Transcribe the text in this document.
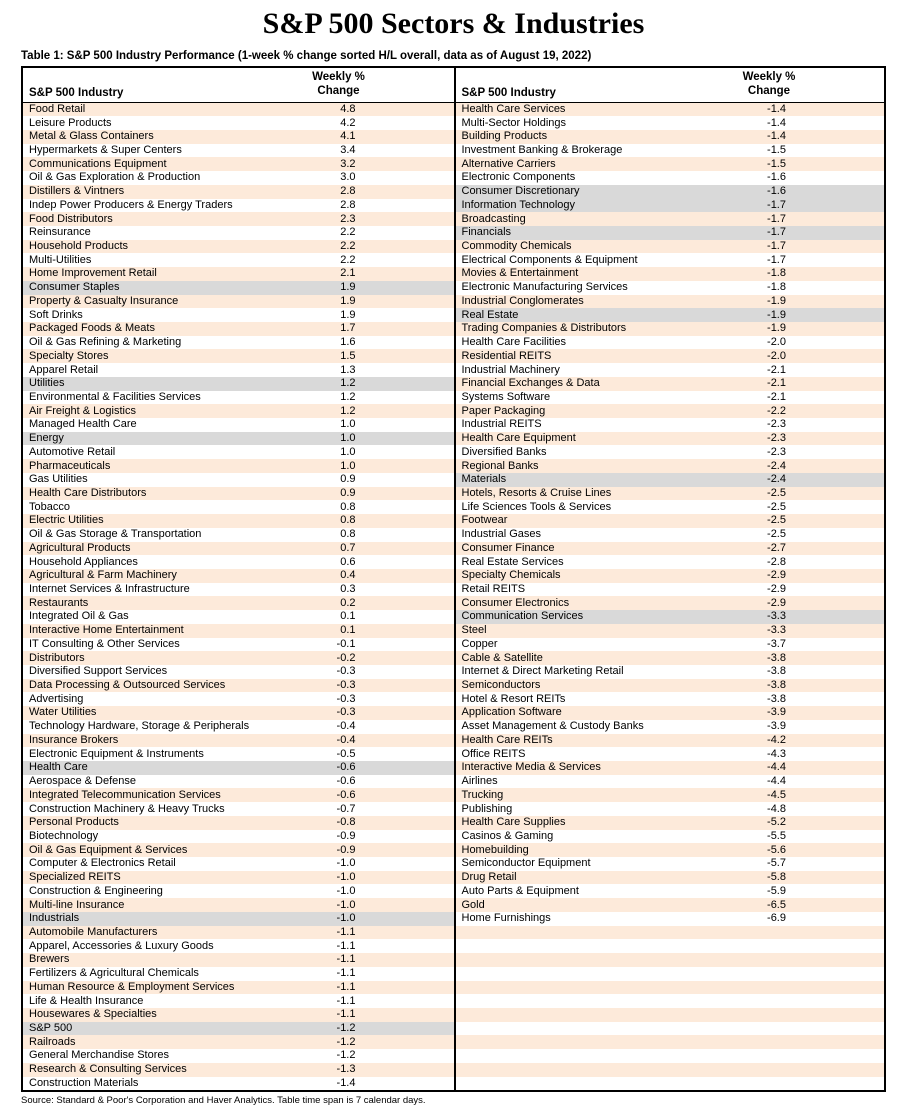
S&P 500 Sectors & Industries
Table 1: S&P 500 Industry Performance (1-week % change sorted H/L overall, data as of August 19, 2022)
S&P 500 Industry
Weekly %
Change
Food Retail	4.8
Leisure Products	4.2
Metal & Glass Containers	4.1
Hypermarkets & Super Centers	3.4
Communications Equipment	3.2
Oil & Gas Exploration & Production	3.0
Distillers & Vintners	2.8
Indep Power Producers & Energy Traders	2.8
Food Distributors	2.3
Reinsurance	2.2
Household Products	2.2
Multi-Utilities	2.2
Home Improvement Retail	2.1
Consumer Staples	1.9
Property & Casualty Insurance	1.9
Soft Drinks	1.9
Packaged Foods & Meats	1.7
Oil & Gas Refining & Marketing	1.6
Specialty Stores	1.5
Apparel Retail	1.3
Utilities	1.2
Environmental & Facilities Services	1.2
Air Freight & Logistics	1.2
Managed Health Care	1.0
Energy	1.0
Automotive Retail	1.0
Pharmaceuticals	1.0
Gas Utilities	0.9
Health Care Distributors	0.9
Tobacco	0.8
Electric Utilities	0.8
Oil & Gas Storage & Transportation	0.8
Agricultural Products	0.7
Household Appliances	0.6
Agricultural & Farm Machinery	0.4
Internet Services & Infrastructure	0.3
Restaurants	0.2
Integrated Oil & Gas	0.1
Interactive Home Entertainment	0.1
IT Consulting & Other Services	-0.1
Distributors	-0.2
Diversified Support Services	-0.3
Data Processing & Outsourced Services	-0.3
Advertising	-0.3
Water Utilities	-0.3
Technology Hardware, Storage & Peripherals	-0.4
Insurance Brokers	-0.4
Electronic Equipment & Instruments	-0.5
Health Care	-0.6
Aerospace & Defense	-0.6
Integrated Telecommunication Services	-0.6
Construction Machinery & Heavy Trucks	-0.7
Personal Products	-0.8
Biotechnology	-0.9
Oil & Gas Equipment & Services	-0.9
Computer & Electronics Retail	-1.0
Specialized REITS	-1.0
Construction & Engineering	-1.0
Multi-line Insurance	-1.0
Industrials	-1.0
Automobile Manufacturers	-1.1
Apparel, Accessories & Luxury Goods	-1.1
Brewers	-1.1
Fertilizers & Agricultural Chemicals	-1.1
Human Resource & Employment Services	-1.1
Life & Health Insurance	-1.1
Housewares & Specialties	-1.1
S&P 500	-1.2
Railroads	-1.2
General Merchandise Stores	-1.2
Research & Consulting Services	-1.3
Construction Materials	-1.4
S&P 500 Industry
Weekly %
Change
Health Care Services	-1.4
Multi-Sector Holdings	-1.4
Building Products	-1.4
Investment Banking & Brokerage	-1.5
Alternative Carriers	-1.5
Electronic Components	-1.6
Consumer Discretionary	-1.6
Information Technology	-1.7
Broadcasting	-1.7
Financials	-1.7
Commodity Chemicals	-1.7
Electrical Components & Equipment	-1.7
Movies & Entertainment	-1.8
Electronic Manufacturing Services	-1.8
Industrial Conglomerates	-1.9
Real Estate	-1.9
Trading Companies & Distributors	-1.9
Health Care Facilities	-2.0
Residential REITS	-2.0
Industrial Machinery	-2.1
Financial Exchanges & Data	-2.1
Systems Software	-2.1
Paper Packaging	-2.2
Industrial REITS	-2.3
Health Care Equipment	-2.3
Diversified Banks	-2.3
Regional Banks	-2.4
Materials	-2.4
Hotels, Resorts & Cruise Lines	-2.5
Life Sciences Tools & Services	-2.5
Footwear	-2.5
Industrial Gases	-2.5
Consumer Finance	-2.7
Real Estate Services	-2.8
Specialty Chemicals	-2.9
Retail REITS	-2.9
Consumer Electronics	-2.9
Communication Services	-3.3
Steel	-3.3
Copper	-3.7
Cable & Satellite	-3.8
Internet & Direct Marketing Retail	-3.8
Semiconductors	-3.8
Hotel & Resort REITs	-3.8
Application Software	-3.9
Asset Management & Custody Banks	-3.9
Health Care REITs	-4.2
Office REITS	-4.3
Interactive Media & Services	-4.4
Airlines	-4.4
Trucking	-4.5
Publishing	-4.8
Health Care Supplies	-5.2
Casinos & Gaming	-5.5
Homebuilding	-5.6
Semiconductor Equipment	-5.7
Drug Retail	-5.8
Auto Parts & Equipment	-5.9
Gold	-6.5
Home Furnishings	-6.9
Source: Standard & Poor's Corporation and Haver Analytics. Table time span is 7 calendar days.
